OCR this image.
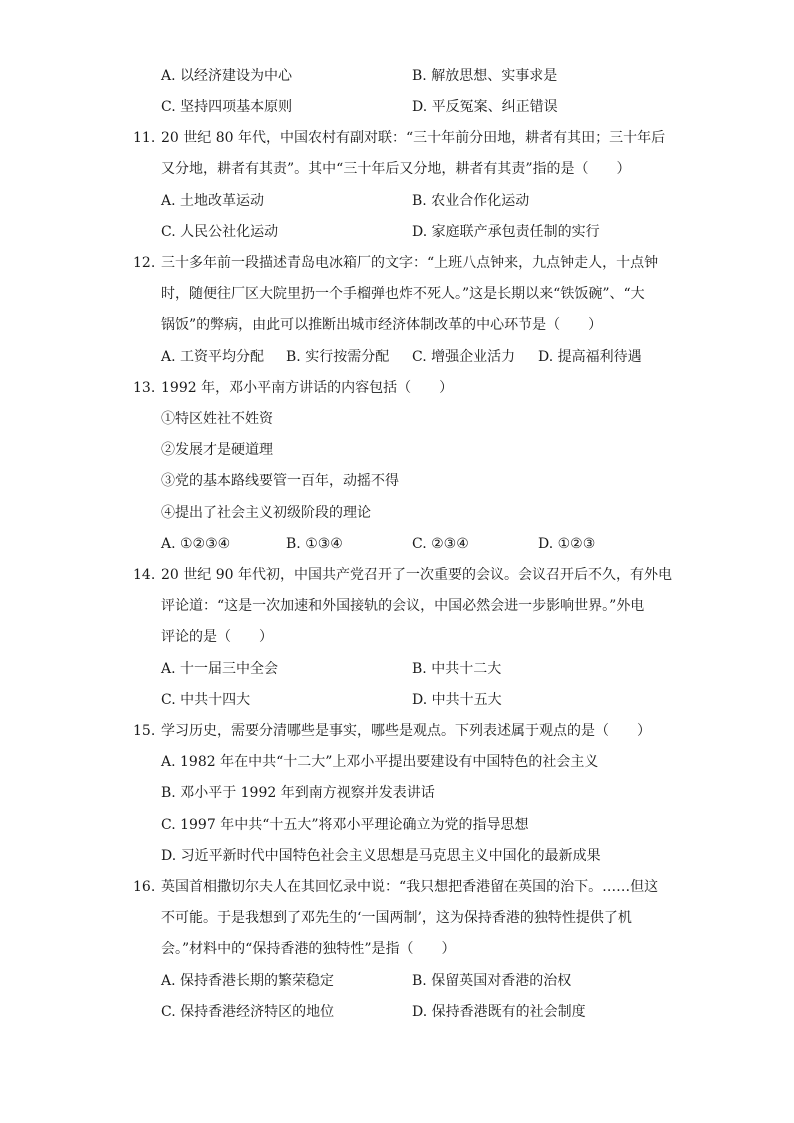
A. 以经济建设为中心	B. 解放思想、实事求是
C. 坚持四项基本原则	D. 平反冤案、纠正错误
11. 20 世纪 80 年代，中国农村有副对联：“三十年前分田地，耕者有其田；三十年后
又分地，耕者有其责”。其中“三十年后又分地，耕者有其责”指的是（　　）
A. 土地改革运动	B. 农业合作化运动
C. 人民公社化运动	D. 家庭联产承包责任制的实行
12. 三十多年前一段描述青岛电冰箱厂的文字：“上班八点钟来，九点钟走人，十点钟
时，随便往厂区大院里扔一个手榴弹也炸不死人。”这是长期以来“铁饭碗”、“大
锅饭”的弊病，由此可以推断出城市经济体制改革的中心环节是（　　）
A. 工资平均分配 B. 实行按需分配 C. 增强企业活力 D. 提高福利待遇
13. 1992 年，邓小平南方讲话的内容包括（　　）
①特区姓社不姓资
②发展才是硬道理
③党的基本路线要管一百年，动摇不得
④提出了社会主义初级阶段的理论
A. ①②③④	B. ①③④	C. ②③④	D. ①②③
14. 20 世纪 90 年代初，中国共产党召开了一次重要的会议。会议召开后不久，有外电
评论道：“这是一次加速和外国接轨的会议，中国必然会进一步影响世界。”外电
评论的是（　　）
A. 十一届三中全会	B. 中共十二大
C. 中共十四大	D. 中共十五大
15. 学习历史，需要分清哪些是事实，哪些是观点。下列表述属于观点的是（　　）
A. 1982 年在中共“十二大”上邓小平提出要建设有中国特色的社会主义
B. 邓小平于 1992 年到南方视察并发表讲话
C. 1997 年中共“十五大”将邓小平理论确立为党的指导思想
D. 习近平新时代中国特色社会主义思想是马克思主义中国化的最新成果
16. 英国首相撒切尔夫人在其回忆录中说：“我只想把香港留在英国的治下。……但这
不可能。于是我想到了邓先生的‘一国两制’，这为保持香港的独特性提供了机
会。”材料中的“保持香港的独特性”是指（　　）
A. 保持香港长期的繁荣稳定	B. 保留英国对香港的治权
C. 保持香港经济特区的地位	D. 保持香港既有的社会制度
